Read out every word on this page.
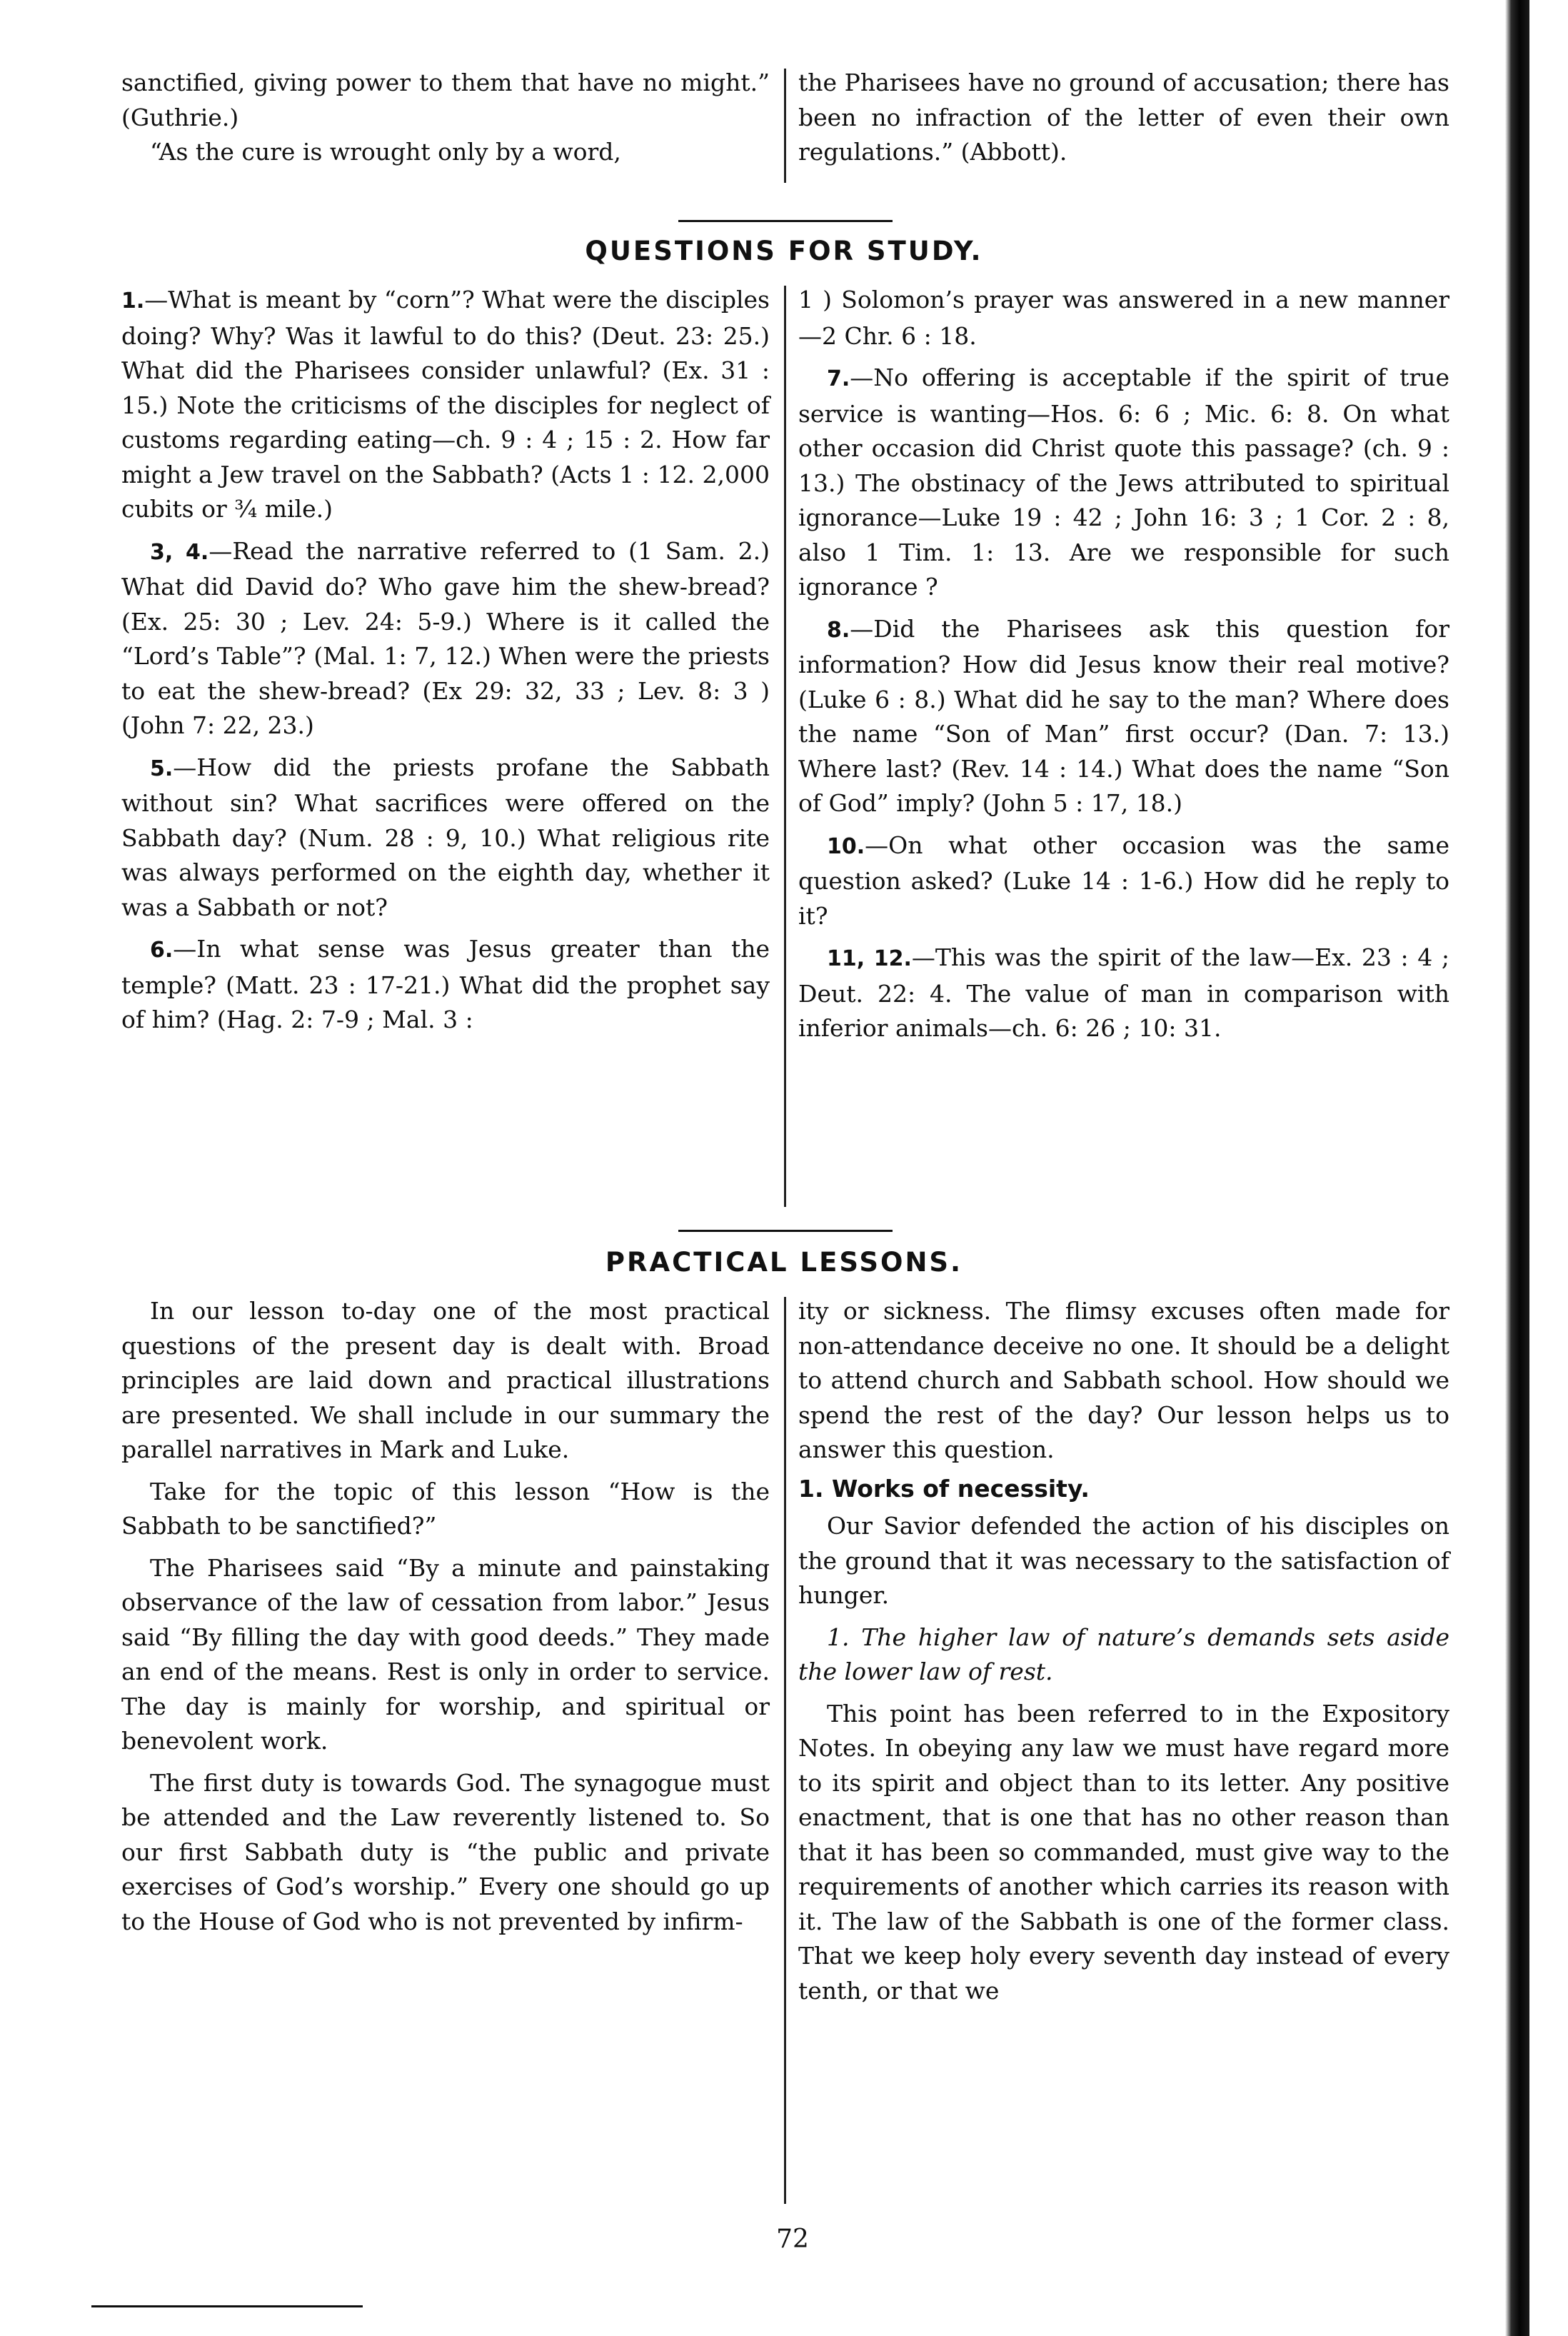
sanctified, giving power to them that have no might.” (Guthrie.)

“As the cure is wrought only by a word,

the Pharisees have no ground of accusation; there has been no infraction of the letter of even their own regulations.” (Abbott).

QUESTIONS FOR STUDY.

1.—What is meant by “corn”? What were the disciples doing? Why? Was it lawful to do this? (Deut. 23: 25.) What did the Pharisees consider unlawful? (Ex. 31 : 15.) Note the criticisms of the disciples for neglect of customs regarding eating—ch. 9 : 4 ; 15 : 2. How far might a Jew travel on the Sabbath? (Acts 1 : 12. 2,000 cubits or ¾ mile.)

3, 4.—Read the narrative referred to (1 Sam. 2.) What did David do? Who gave him the shew-bread? (Ex. 25: 30 ; Lev. 24: 5-9.) Where is it called the “Lord’s Table”? (Mal. 1: 7, 12.) When were the priests to eat the shew-bread? (Ex 29: 32, 33 ; Lev. 8: 3 ) (John 7: 22, 23.)

5.—How did the priests profane the Sabbath without sin? What sacrifices were offered on the Sabbath day? (Num. 28 : 9, 10.) What religious rite was always performed on the eighth day, whether it was a Sabbath or not?

6.—In what sense was Jesus greater than the temple? (Matt. 23 : 17-21.) What did the prophet say of him? (Hag. 2: 7-9 ; Mal. 3 :

1 ) Solomon’s prayer was answered in a new manner—2 Chr. 6 : 18.

7.—No offering is acceptable if the spirit of true service is wanting—Hos. 6: 6 ; Mic. 6: 8. On what other occasion did Christ quote this passage? (ch. 9 : 13.) The obstinacy of the Jews attributed to spiritual ignorance—Luke 19 : 42 ; John 16: 3 ; 1 Cor. 2 : 8, also 1 Tim. 1: 13. Are we responsible for such ignorance ?

8.—Did the Pharisees ask this question for information? How did Jesus know their real motive? (Luke 6 : 8.) What did he say to the man? Where does the name “Son of Man” first occur? (Dan. 7: 13.) Where last? (Rev. 14 : 14.) What does the name “Son of God” imply? (John 5 : 17, 18.)

10.—On what other occasion was the same question asked? (Luke 14 : 1-6.) How did he reply to it?

11, 12.—This was the spirit of the law—Ex. 23 : 4 ; Deut. 22: 4. The value of man in comparison with inferior animals—ch. 6: 26 ; 10: 31.

PRACTICAL LESSONS.

In our lesson to-day one of the most practical questions of the present day is dealt with. Broad principles are laid down and practical illustrations are presented. We shall include in our summary the parallel narratives in Mark and Luke.

Take for the topic of this lesson “How is the Sabbath to be sanctified?”

The Pharisees said “By a minute and painstaking observance of the law of cessation from labor.” Jesus said “By filling the day with good deeds.” They made an end of the means. Rest is only in order to service. The day is mainly for worship, and spiritual or benevolent work.

The first duty is towards God. The synagogue must be attended and the Law reverently listened to. So our first Sabbath duty is “the public and private exercises of God’s worship.” Every one should go up to the House of God who is not prevented by infirm-

ity or sickness. The flimsy excuses often made for non-attendance deceive no one. It should be a delight to attend church and Sabbath school. How should we spend the rest of the day? Our lesson helps us to answer this question.

1. Works of necessity.

Our Savior defended the action of his disciples on the ground that it was necessary to the satisfaction of hunger.

1. The higher law of nature’s demands sets aside the lower law of rest.

This point has been referred to in the Expository Notes. In obeying any law we must have regard more to its spirit and object than to its letter. Any positive enactment, that is one that has no other reason than that it has been so commanded, must give way to the requirements of another which carries its reason with it. The law of the Sabbath is one of the former class. That we keep holy every seventh day instead of every tenth, or that we

72
